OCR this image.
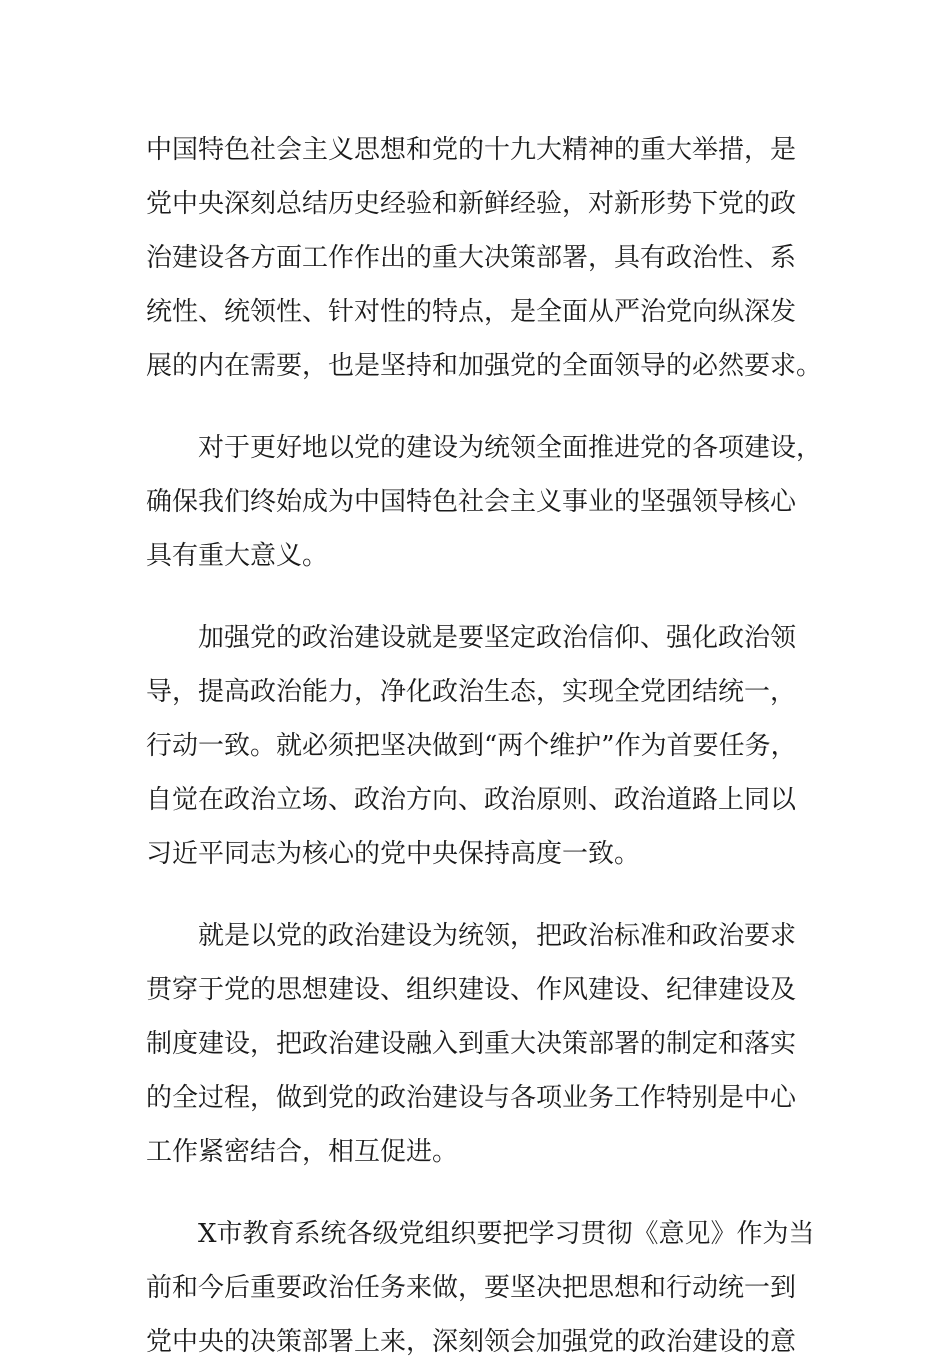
中国特色社会主义思想和党的十九大精神的重大举措，是
党中央深刻总结历史经验和新鲜经验，对新形势下党的政
治建设各方面工作作出的重大决策部署，具有政治性、系
统性、统领性、针对性的特点，是全面从严治党向纵深发
展的内在需要，也是坚持和加强党的全面领导的必然要求。
对于更好地以党的建设为统领全面推进党的各项建设，
确保我们终始成为中国特色社会主义事业的坚强领导核心
具有重大意义。
加强党的政治建设就是要坚定政治信仰、强化政治领
导，提高政治能力，净化政治生态，实现全党团结统一，
行动一致。就必须把坚决做到“两个维护”作为首要任务，
自觉在政治立场、政治方向、政治原则、政治道路上同以
习近平同志为核心的党中央保持高度一致。
就是以党的政治建设为统领，把政治标准和政治要求
贯穿于党的思想建设、组织建设、作风建设、纪律建设及
制度建设，把政治建设融入到重大决策部署的制定和落实
的全过程，做到党的政治建设与各项业务工作特别是中心
工作紧密结合，相互促进。
X市教育系统各级党组织要把学习贯彻《意见》作为当
前和今后重要政治任务来做，要坚决把思想和行动统一到
党中央的决策部署上来，深刻领会加强党的政治建设的意
